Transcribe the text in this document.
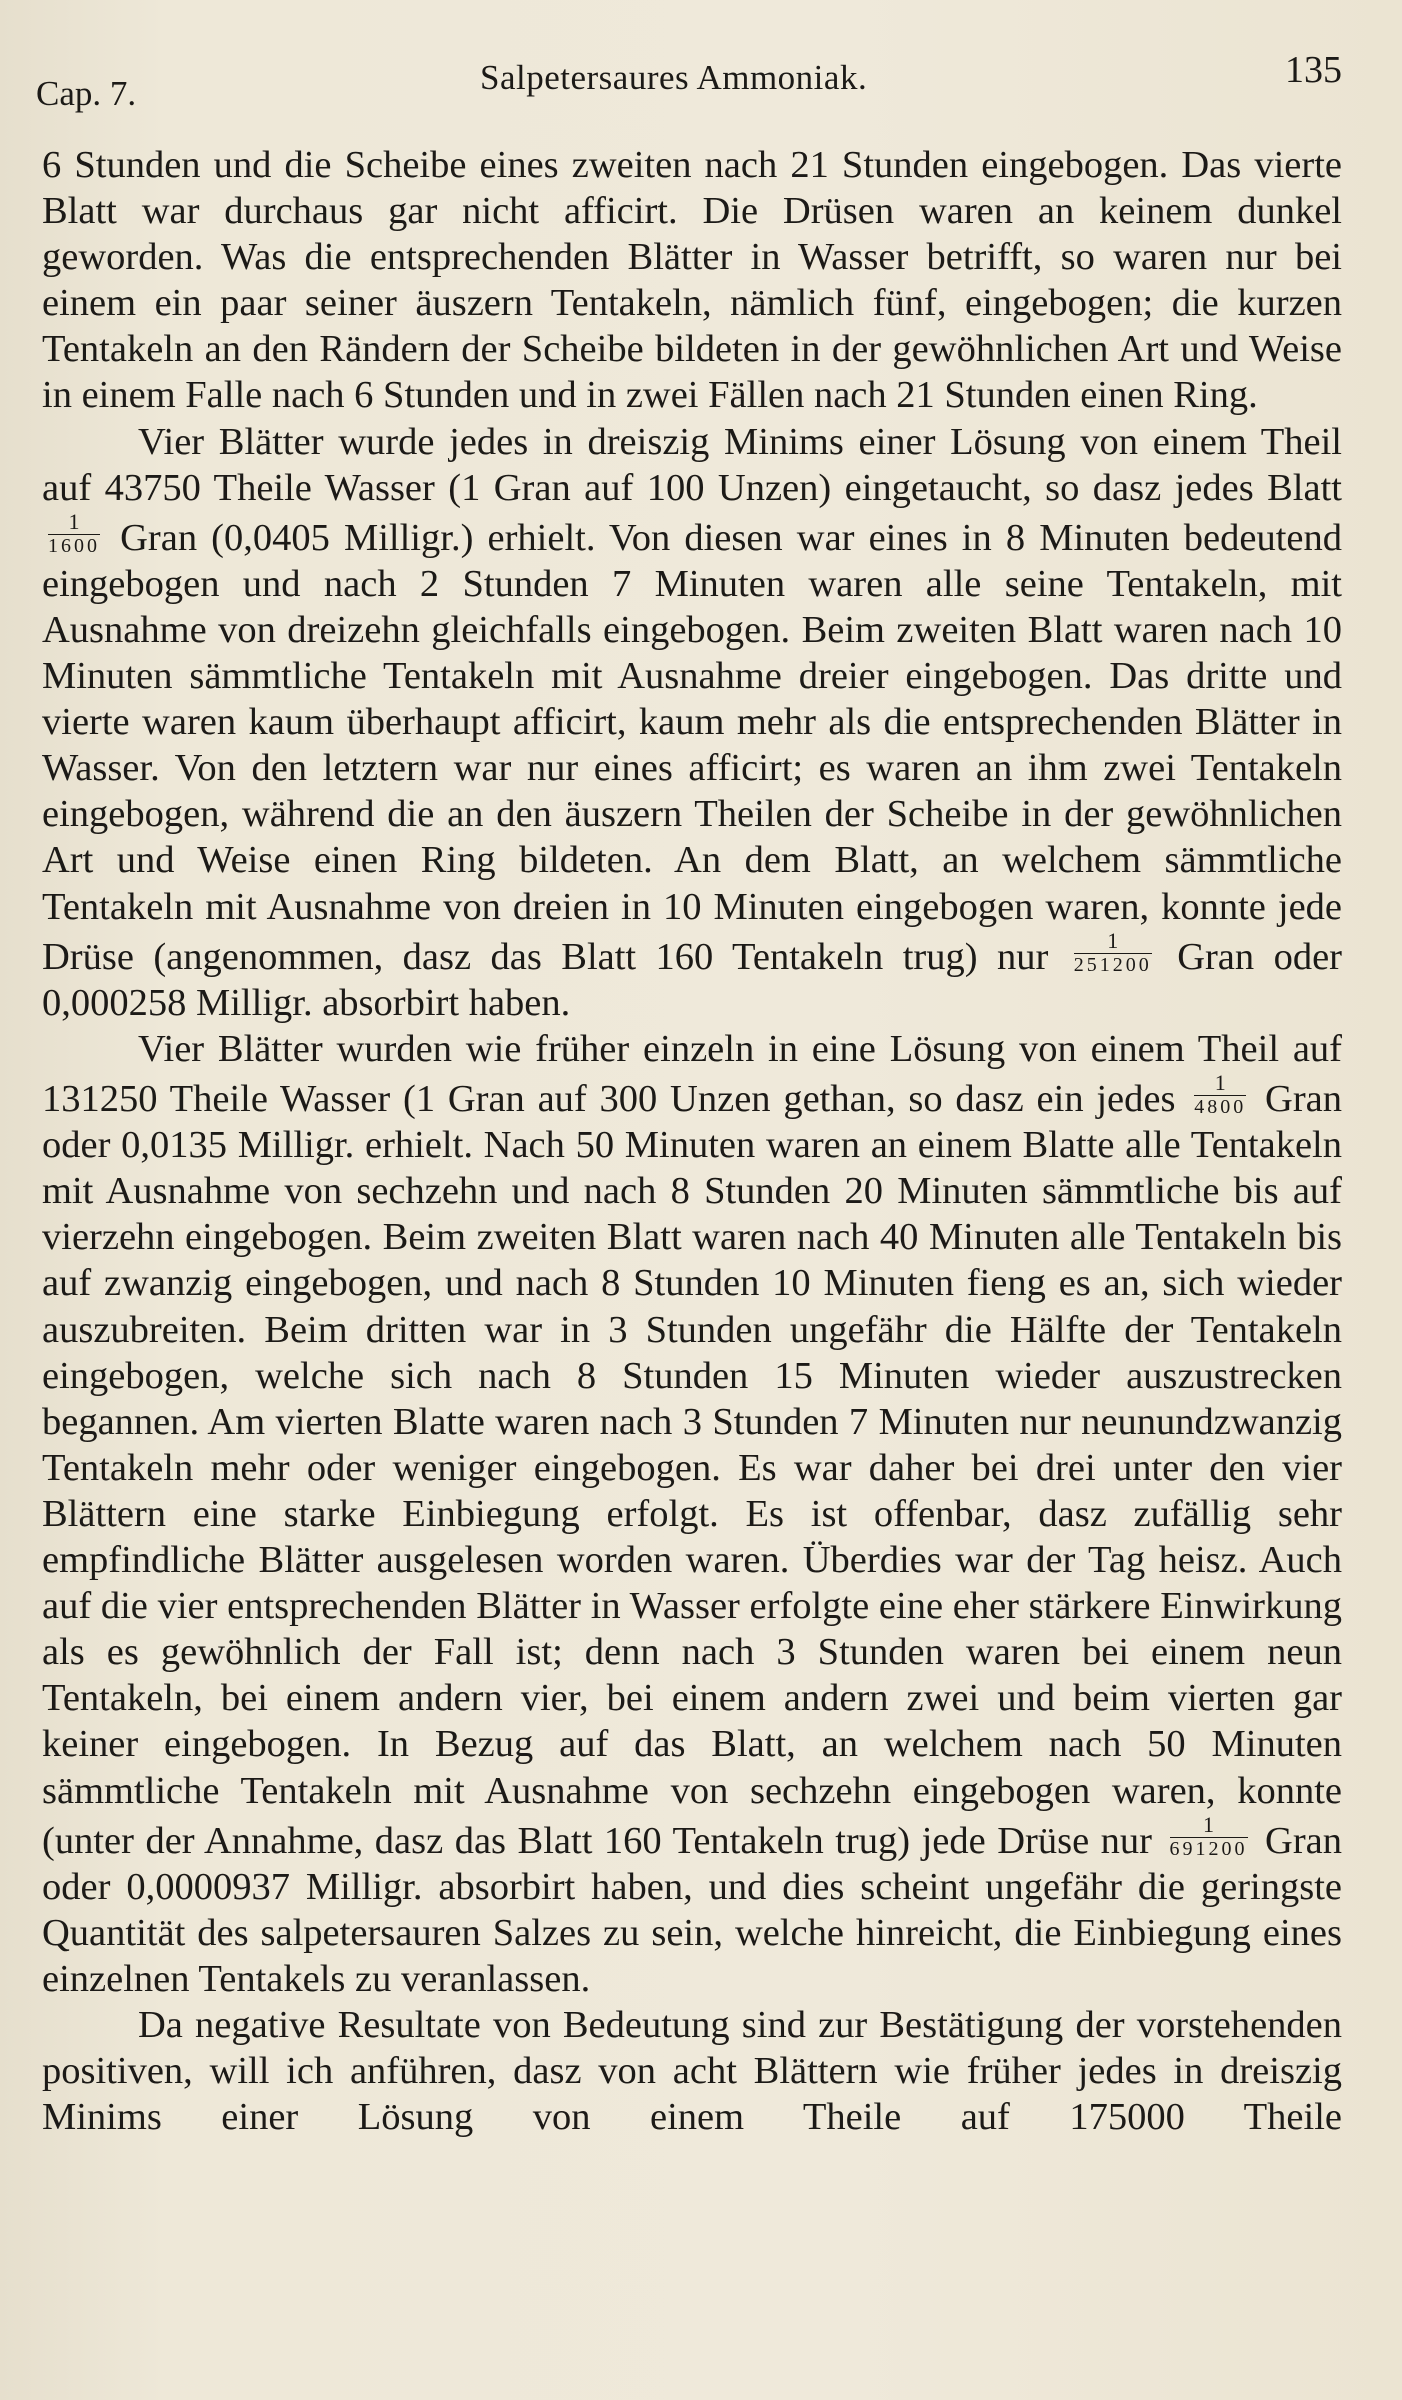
Cap. 7.	Salpetersaures Ammoniak.	135

6 Stunden und die Scheibe eines zweiten nach 21 Stunden eingebogen. Das vierte Blatt war durchaus gar nicht afficirt. Die Drüsen waren an keinem dunkel geworden. Was die entsprechenden Blätter in Wasser betrifft, so waren nur bei einem ein paar seiner äuszern Tentakeln, nämlich fünf, eingebogen; die kurzen Tentakeln an den Rändern der Scheibe bildeten in der gewöhnlichen Art und Weise in einem Falle nach 6 Stunden und in zwei Fällen nach 21 Stunden einen Ring.

Vier Blätter wurde jedes in dreiszig Minims einer Lösung von einem Theil auf 43750 Theile Wasser (1 Gran auf 100 Unzen) eingetaucht, so dasz jedes Blatt
$\frac{1}{1600}$ Gran (0,0405 Milligr.) erhielt. Von diesen war eines in 8 Minuten bedeutend eingebogen und nach 2 Stunden 7 Minuten waren alle seine Tentakeln, mit Ausnahme von dreizehn gleichfalls eingebogen. Beim zweiten Blatt waren nach 10 Minuten sämmtliche Tentakeln mit Ausnahme dreier eingebogen. Das dritte und vierte waren kaum überhaupt afficirt, kaum mehr als die entsprechenden Blätter in Wasser. Von den letztern war nur eines afficirt; es waren an ihm zwei Tentakeln eingebogen, während die an den äuszern Theilen der Scheibe in der gewöhnlichen Art und Weise einen Ring bildeten. An dem Blatt, an welchem sämmtliche Tentakeln mit Ausnahme von dreien in 10 Minuten eingebogen waren, konnte jede Drüse (angenommen, dasz das Blatt 160 Tentakeln trug) nur $\frac{1}{251200}$ Gran oder 0,000258 Milligr. absorbirt haben.

Vier Blätter wurden wie früher einzeln in eine Lösung von einem Theil auf 131250 Theile Wasser (1 Gran auf 300 Unzen gethan, so dasz ein jedes $\frac{1}{4800}$ Gran oder 0,0135 Milligr. erhielt. Nach 50 Minuten waren an einem Blatte alle Tentakeln mit Ausnahme von sechzehn und nach 8 Stunden 20 Minuten sämmtliche bis auf vierzehn eingebogen. Beim zweiten Blatt waren nach 40 Minuten alle Tentakeln bis auf zwanzig eingebogen, und nach 8 Stunden 10 Minuten fieng es an, sich wieder auszubreiten. Beim dritten war in 3 Stunden ungefähr die Hälfte der Tentakeln eingebogen, welche sich nach 8 Stunden 15 Minuten wieder auszustrecken begannen. Am vierten Blatte waren nach 3 Stunden 7 Minuten nur neunundzwanzig Tentakeln mehr oder weniger eingebogen. Es war daher bei drei unter den vier Blättern eine starke Einbiegung erfolgt. Es ist offenbar, dasz zufällig sehr empfindliche Blätter ausgelesen worden waren. Überdies war der Tag heisz. Auch auf die vier entsprechenden Blätter in Wasser erfolgte eine eher stärkere Einwirkung als es gewöhnlich der Fall ist; denn nach 3 Stunden waren bei einem neun Tentakeln, bei einem andern vier, bei einem andern zwei und beim vierten gar keiner eingebogen. In Bezug auf das Blatt, an welchem nach 50 Minuten sämmtliche Tentakeln mit Ausnahme von sechzehn eingebogen waren, konnte (unter der Annahme, dasz das Blatt 160 Tentakeln trug) jede Drüse nur $\frac{1}{691200}$ Gran oder 0,0000937 Milligr. absorbirt haben, und dies scheint ungefähr die geringste Quantität des salpetersauren Salzes zu sein, welche hinreicht, die Einbiegung eines einzelnen Tentakels zu veranlassen.

Da negative Resultate von Bedeutung sind zur Bestätigung der vorstehenden positiven, will ich anführen, dasz von acht Blättern wie früher jedes in dreiszig Minims einer Lösung von einem Theile auf 175000 Theile
